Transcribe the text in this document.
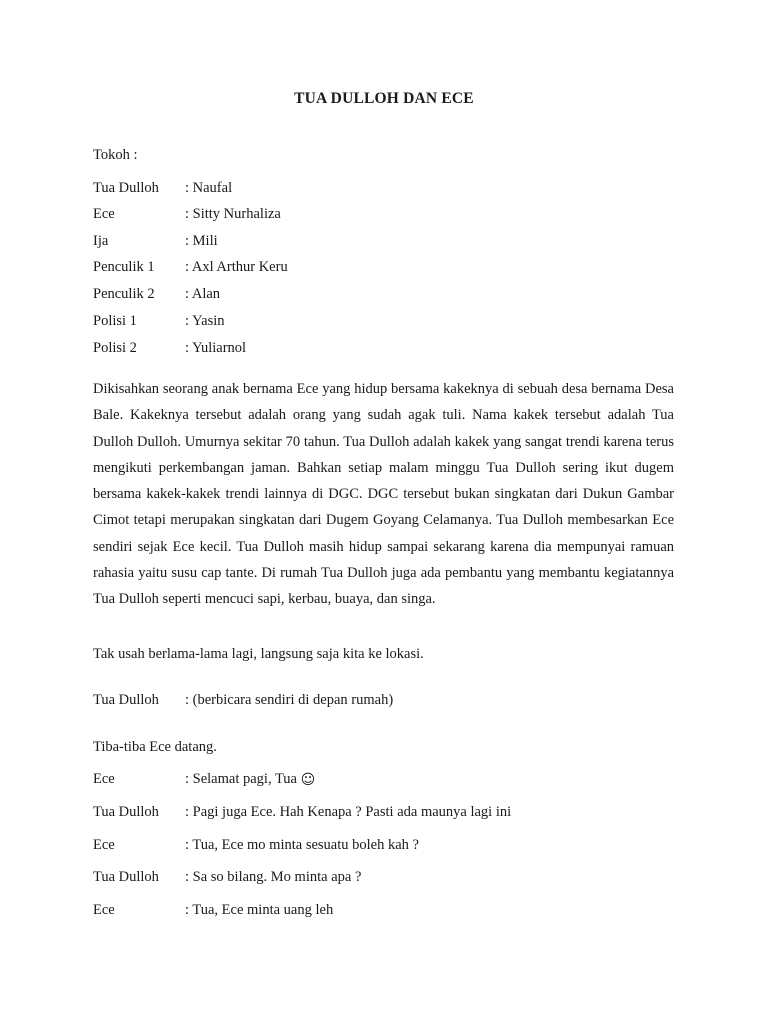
TUA DULLOH DAN ECE
Tokoh :
Tua Dulloh : Naufal
Ece	: Sitty Nurhaliza
Ija	: Mili
Penculik 1 : Axl Arthur Keru
Penculik 2 : Alan
Polisi 1	: Yasin
Polisi 2	: Yuliarnol

Dikisahkan seorang anak bernama Ece yang hidup bersama kakeknya di sebuah desa bernama Desa Bale. Kakeknya tersebut adalah orang yang sudah agak tuli. Nama kakek tersebut adalah Tua Dulloh Dulloh. Umurnya sekitar 70 tahun. Tua Dulloh adalah kakek yang sangat trendi karena terus mengikuti perkembangan jaman. Bahkan setiap malam minggu Tua Dulloh sering ikut dugem bersama kakek-kakek trendi lainnya di DGC. DGC tersebut bukan singkatan dari Dukun Gambar Cimot tetapi merupakan singkatan dari Dugem Goyang Celamanya. Tua Dulloh membesarkan Ece sendiri sejak Ece kecil. Tua Dulloh masih hidup sampai sekarang karena dia mempunyai ramuan rahasia yaitu susu cap tante. Di rumah Tua Dulloh juga ada pembantu yang membantu kegiatannya Tua Dulloh seperti mencuci sapi, kerbau, buaya, dan singa.

Tak usah berlama-lama lagi, langsung saja kita ke lokasi.
Tua Dulloh : (berbicara sendiri di depan rumah)
Tiba-tiba Ece datang.
Ece	: Selamat pagi, Tua ☺
Tua Dulloh : Pagi juga Ece. Hah Kenapa ? Pasti ada maunya lagi ini
Ece	: Tua, Ece mo minta sesuatu boleh kah ?
Tua Dulloh : Sa so bilang. Mo minta apa ?
Ece	: Tua, Ece minta uang leh
